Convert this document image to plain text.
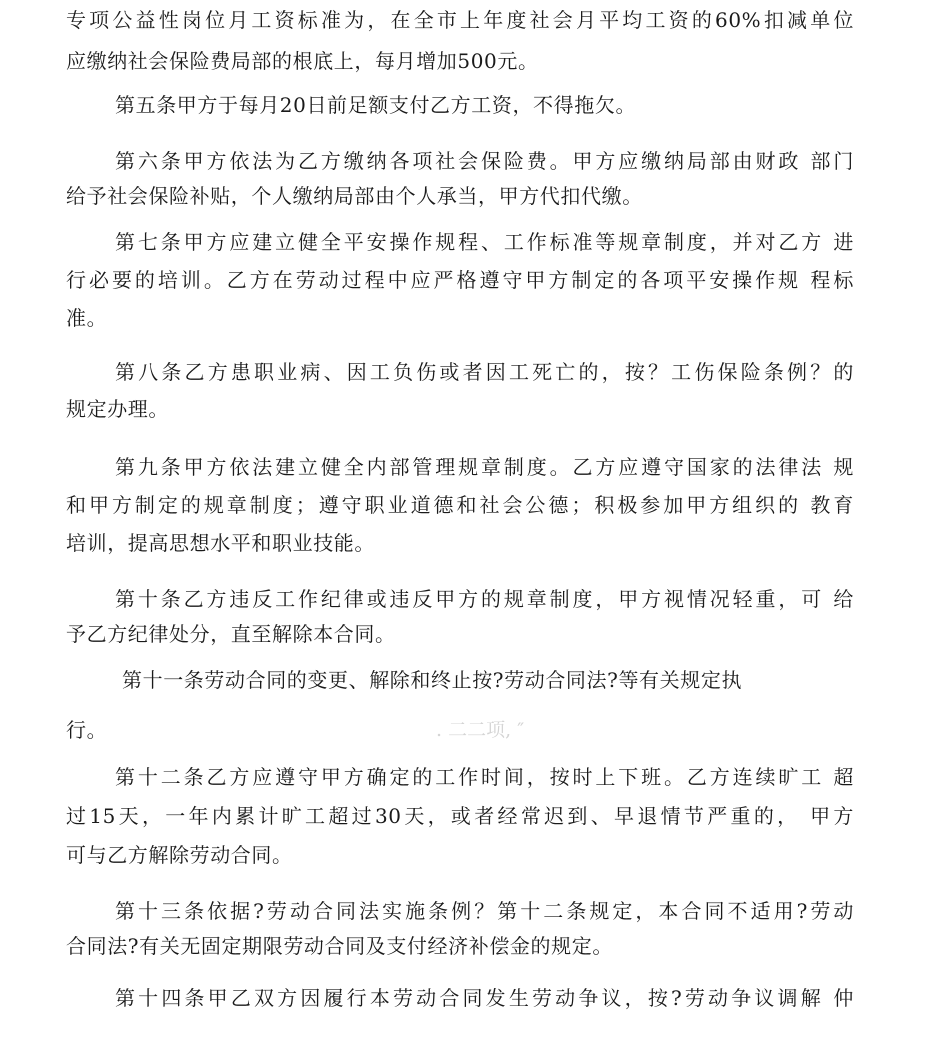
专项公益性岗位月工资标准为，在全市上年度社会月平均工资的60%扣减单位
应缴纳社会保险费局部的根底上，每月增加500元。
第五条甲方于每月20日前足额支付乙方工资，不得拖欠。
第六条甲方依法为乙方缴纳各项社会保险费。甲方应缴纳局部由财政 部门
给予社会保险补贴，个人缴纳局部由个人承当，甲方代扣代缴。
第七条甲方应建立健全平安操作规程、工作标准等规章制度，并对乙方 进
行必要的培训。乙方在劳动过程中应严格遵守甲方制定的各项平安操作规 程标
准。
第八条乙方患职业病、因工负伤或者因工死亡的，按？工伤保险条例？的
规定办理。
第九条甲方依法建立健全内部管理规章制度。乙方应遵守国家的法律法 规
和甲方制定的规章制度；遵守职业道德和社会公德；积极参加甲方组织的 教育
培训，提高思想水平和职业技能。
第十条乙方违反工作纪律或违反甲方的规章制度，甲方视情况轻重，可 给
予乙方纪律处分，直至解除本合同。
第十一条劳动合同的变更、解除和终止按?劳动合同法?等有关规定执
行。	. 二二项, ″
第十二条乙方应遵守甲方确定的工作时间，按时上下班。乙方连续旷工 超
过15天，一年内累计旷工超过30天，或者经常迟到、早退情节严重的， 甲方
可与乙方解除劳动合同。
第十三条依据?劳动合同法实施条例？第十二条规定，本合同不适用?劳动
合同法?有关无固定期限劳动合同及支付经济补偿金的规定。
第十四条甲乙双方因履行本劳动合同发生劳动争议，按?劳动争议调解 仲
